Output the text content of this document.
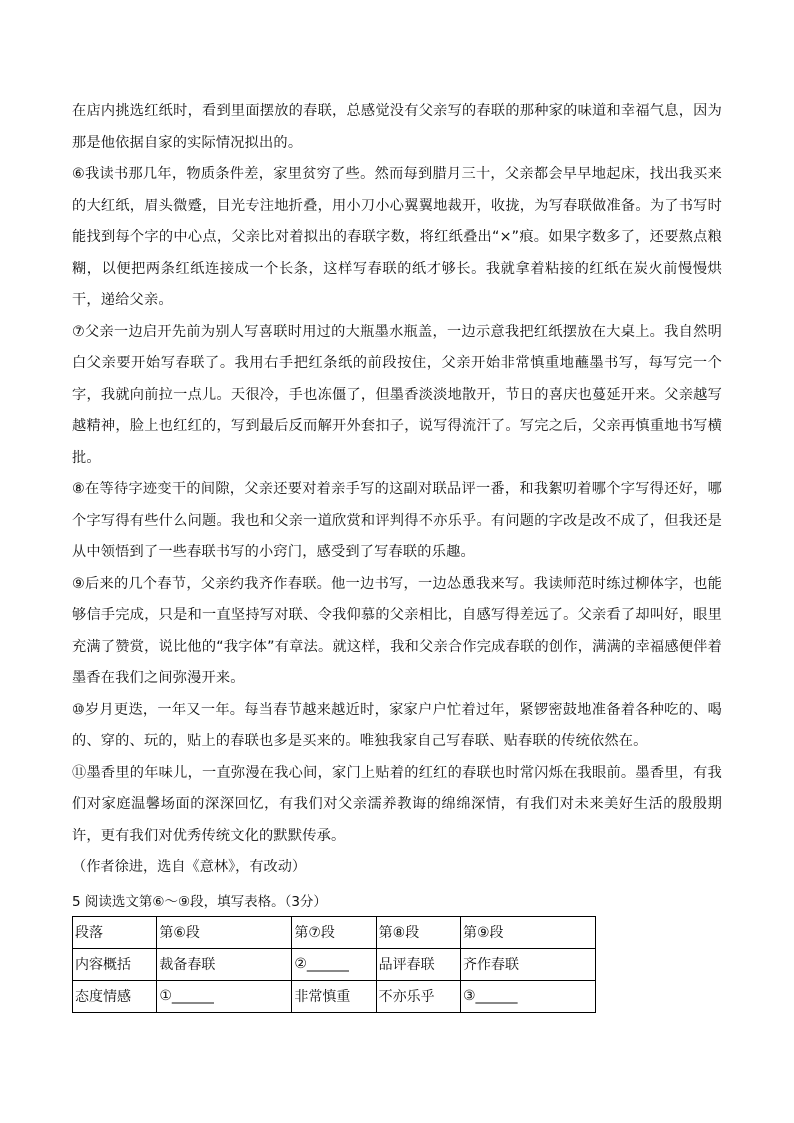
在店内挑选红纸时，看到里面摆放的春联，总感觉没有父亲写的春联的那种家的味道和幸福气息，因为那是他依据自家的实际情况拟出的。

⑥我读书那几年，物质条件差，家里贫穷了些。然而每到腊月三十，父亲都会早早地起床，找出我买来的大红纸，眉头微蹙，目光专注地折叠，用小刀小心翼翼地裁开，收拢，为写春联做准备。为了书写时能找到每个字的中心点，父亲比对着拟出的春联字数，将红纸叠出“×”痕。如果字数多了，还要熬点粮糊，以便把两条红纸连接成一个长条，这样写春联的纸才够长。我就拿着粘接的红纸在炭火前慢慢烘干，递给父亲。

⑦父亲一边启开先前为别人写喜联时用过的大瓶墨水瓶盖，一边示意我把红纸摆放在大桌上。我自然明白父亲要开始写春联了。我用右手把红条纸的前段按住，父亲开始非常慎重地蘸墨书写，每写完一个字，我就向前拉一点儿。天很冷，手也冻僵了，但墨香淡淡地散开，节日的喜庆也蔓延开来。父亲越写越精神，脸上也红红的，写到最后反而解开外套扣子，说写得流汗了。写完之后，父亲再慎重地书写横批。

⑧在等待字迹变干的间隙，父亲还要对着亲手写的这副对联品评一番，和我絮叨着哪个字写得还好，哪个字写得有些什么问题。我也和父亲一道欣赏和评判得不亦乐乎。有问题的字改是改不成了，但我还是从中领悟到了一些春联书写的小窍门，感受到了写春联的乐趣。

⑨后来的几个春节，父亲约我齐作春联。他一边书写，一边怂恿我来写。我读师范时练过柳体字，也能够信手完成，只是和一直坚持写对联、令我仰慕的父亲相比，自感写得差远了。父亲看了却叫好，眼里充满了赞赏，说比他的“我字体”有章法。就这样，我和父亲合作完成春联的创作，满满的幸福感便伴着墨香在我们之间弥漫开来。

⑩岁月更迭，一年又一年。每当春节越来越近时，家家户户忙着过年，紧锣密鼓地准备着各种吃的、喝的、穿的、玩的，贴上的春联也多是买来的。唯独我家自己写春联、贴春联的传统依然在。

⑪墨香里的年味儿，一直弥漫在我心间，家门上贴着的红红的春联也时常闪烁在我眼前。墨香里，有我们对家庭温馨场面的深深回忆，有我们对父亲濡养教诲的绵绵深情，有我们对未来美好生活的殷殷期许，更有我们对优秀传统文化的默默传承。

（作者徐进，选自《意林》，有改动）

5 阅读选文第⑥～⑨段，填写表格。（3分）

段落	第⑥段	第⑦段	第⑧段	第⑨段
内容概括	裁备春联	②______	品评春联	齐作春联
态度情感	①______	非常慎重	不亦乐乎	③______
